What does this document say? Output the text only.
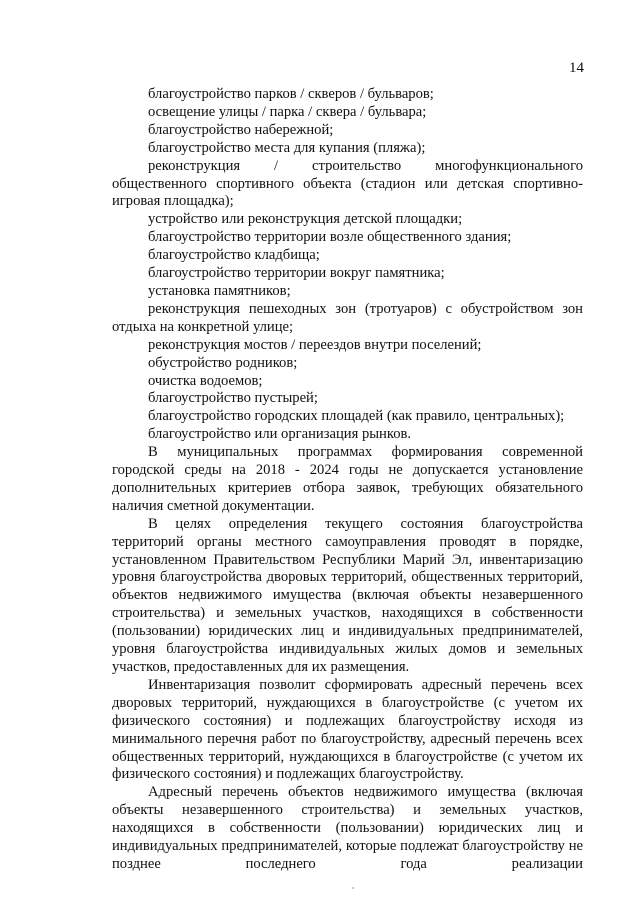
14

благоустройство парков / скверов / бульваров;

освещение улицы / парка / сквера / бульвара;

благоустройство набережной;

благоустройство места для купания (пляжа);

реконструкция / строительство многофункционального общественного спортивного объекта (стадион или детская спортивно-игровая площадка);

устройство или реконструкция детской площадки;

благоустройство территории возле общественного здания;

благоустройство кладбища;

благоустройство территории вокруг памятника;

установка памятников;

реконструкция пешеходных зон (тротуаров) с обустройством зон отдыха на конкретной улице;

реконструкция мостов / переездов внутри поселений;

обустройство родников;

очистка водоемов;

благоустройство пустырей;

благоустройство городских площадей (как правило, центральных);

благоустройство или организация рынков.

В муниципальных программах формирования современной городской среды на 2018 - 2024 годы не допускается установление дополнительных критериев отбора заявок, требующих обязательного наличия сметной документации.

В целях определения текущего состояния благоустройства территорий органы местного самоуправления проводят в порядке, установленном Правительством Республики Марий Эл, инвентаризацию уровня благоустройства дворовых территорий, общественных территорий, объектов недвижимого имущества (включая объекты незавершенного строительства) и земельных участков, находящихся в собственности (пользовании) юридических лиц и индивидуальных предпринимателей, уровня благоустройства индивидуальных жилых домов и земельных участков, предоставленных для их размещения.

Инвентаризация позволит сформировать адресный перечень всех дворовых территорий, нуждающихся в благоустройстве (с учетом их физического состояния) и подлежащих благоустройству исходя из минимального перечня работ по благоустройству, адресный перечень всех общественных территорий, нуждающихся в благоустройстве (с учетом их физического состояния) и подлежащих благоустройству.

Адресный перечень объектов недвижимого имущества (включая объекты незавершенного строительства) и земельных участков, находящихся в собственности (пользовании) юридических лиц и индивидуальных предпринимателей, которые подлежат благоустройству не позднее последнего года реализации
